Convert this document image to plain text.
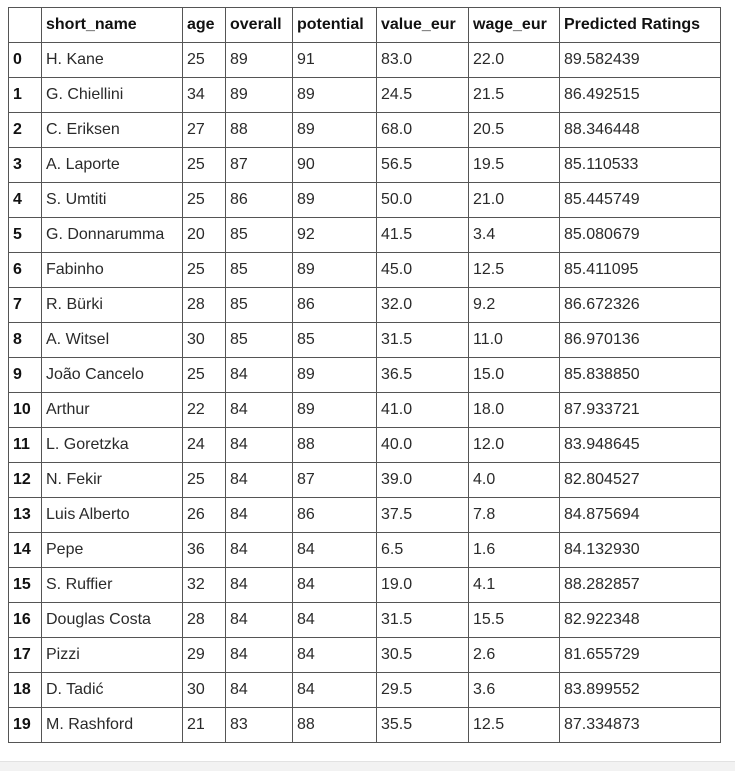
	short_name	age	overall	potential	value_eur	wage_eur	Predicted Ratings
0	H. Kane	25	89	91	83.0	22.0	89.582439
1	G. Chiellini	34	89	89	24.5	21.5	86.492515
2	C. Eriksen	27	88	89	68.0	20.5	88.346448
3	A. Laporte	25	87	90	56.5	19.5	85.110533
4	S. Umtiti	25	86	89	50.0	21.0	85.445749
5	G. Donnarumma	20	85	92	41.5	3.4	85.080679
6	Fabinho	25	85	89	45.0	12.5	85.411095
7	R. Bürki	28	85	86	32.0	9.2	86.672326
8	A. Witsel	30	85	85	31.5	11.0	86.970136
9	João Cancelo	25	84	89	36.5	15.0	85.838850
10	Arthur	22	84	89	41.0	18.0	87.933721
11	L. Goretzka	24	84	88	40.0	12.0	83.948645
12	N. Fekir	25	84	87	39.0	4.0	82.804527
13	Luis Alberto	26	84	86	37.5	7.8	84.875694
14	Pepe	36	84	84	6.5	1.6	84.132930
15	S. Ruffier	32	84	84	19.0	4.1	88.282857
16	Douglas Costa	28	84	84	31.5	15.5	82.922348
17	Pizzi	29	84	84	30.5	2.6	81.655729
18	D. Tadić	30	84	84	29.5	3.6	83.899552
19	M. Rashford	21	83	88	35.5	12.5	87.334873
